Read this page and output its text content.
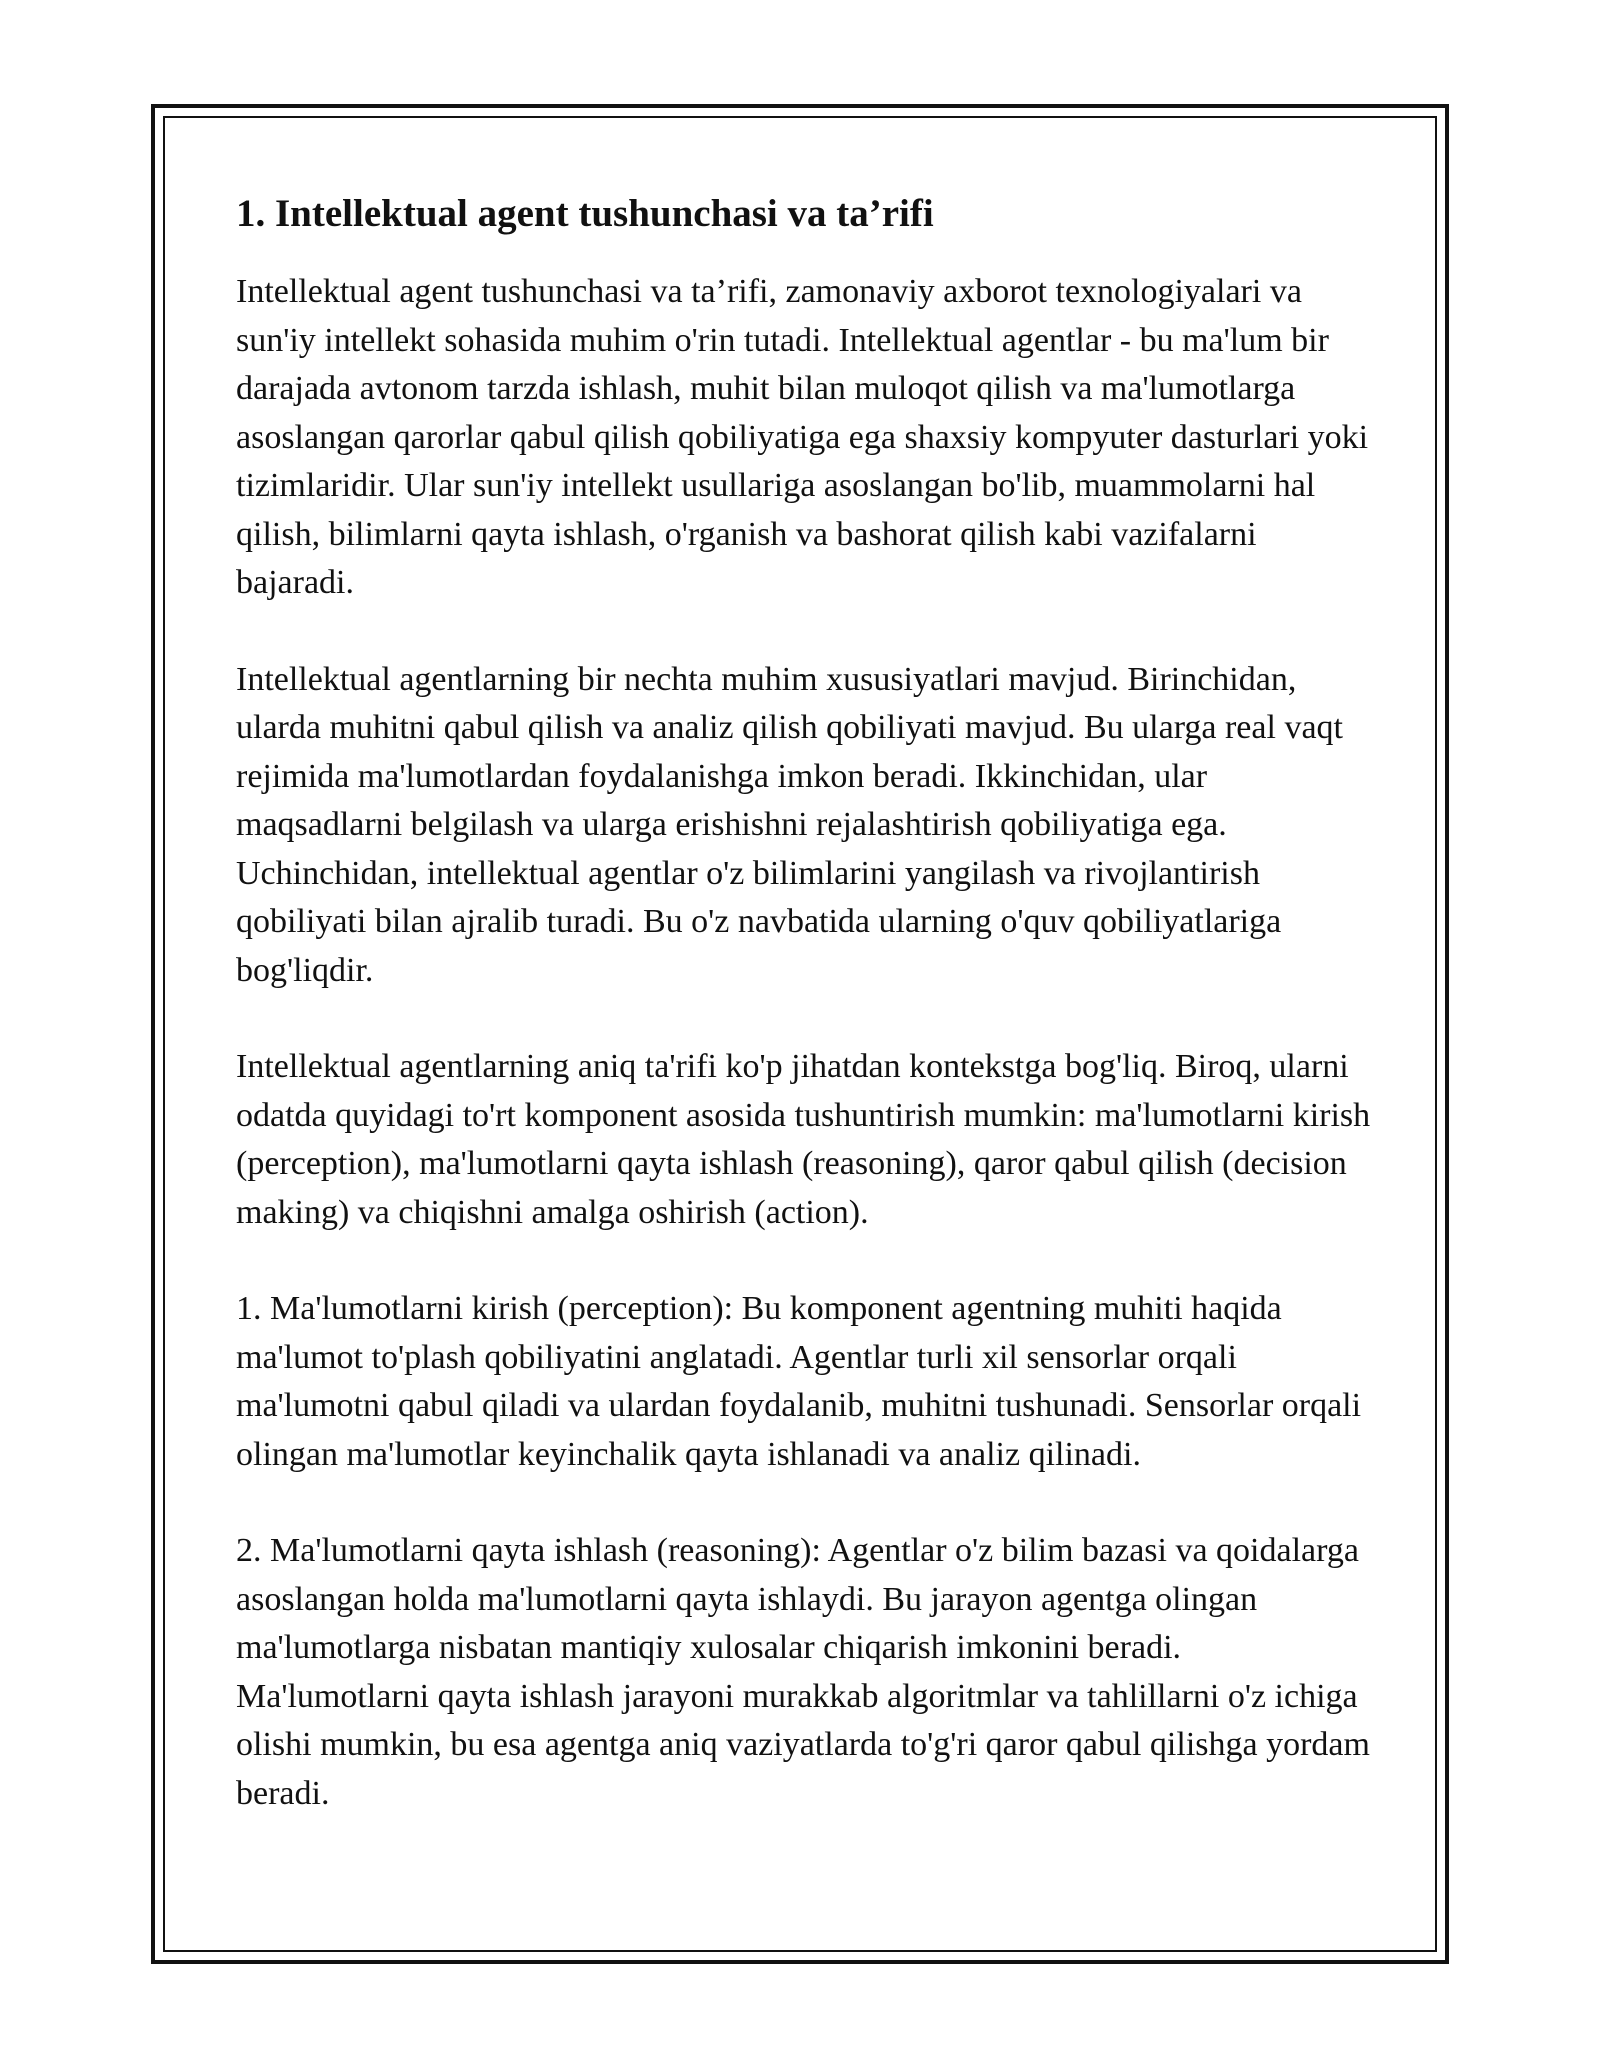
1. Intellektual agent tushunchasi va ta’rifi

Intellektual agent tushunchasi va ta’rifi, zamonaviy axborot texnologiyalari va sun'iy intellekt sohasida muhim o'rin tutadi. Intellektual agentlar - bu ma'lum bir darajada avtonom tarzda ishlash, muhit bilan muloqot qilish va ma'lumotlarga asoslangan qarorlar qabul qilish qobiliyatiga ega shaxsiy kompyuter dasturlari yoki tizimlaridir. Ular sun'iy intellekt usullariga asoslangan bo'lib, muammolarni hal qilish, bilimlarni qayta ishlash, o'rganish va bashorat qilish kabi vazifalarni bajaradi.

Intellektual agentlarning bir nechta muhim xususiyatlari mavjud. Birinchidan, ularda muhitni qabul qilish va analiz qilish qobiliyati mavjud. Bu ularga real vaqt rejimida ma'lumotlardan foydalanishga imkon beradi. Ikkinchidan, ular maqsadlarni belgilash va ularga erishishni rejalashtirish qobiliyatiga ega. Uchinchidan, intellektual agentlar o'z bilimlarini yangilash va rivojlantirish qobiliyati bilan ajralib turadi. Bu o'z navbatida ularning o'quv qobiliyatlariga bog'liqdir.

Intellektual agentlarning aniq ta'rifi ko'p jihatdan kontekstga bog'liq. Biroq, ularni odatda quyidagi to'rt komponent asosida tushuntirish mumkin: ma'lumotlarni kirish (perception), ma'lumotlarni qayta ishlash (reasoning), qaror qabul qilish (decision making) va chiqishni amalga oshirish (action).

1. Ma'lumotlarni kirish (perception): Bu komponent agentning muhiti haqida ma'lumot to'plash qobiliyatini anglatadi. Agentlar turli xil sensorlar orqali ma'lumotni qabul qiladi va ulardan foydalanib, muhitni tushunadi. Sensorlar orqali olingan ma'lumotlar keyinchalik qayta ishlanadi va analiz qilinadi.

2. Ma'lumotlarni qayta ishlash (reasoning): Agentlar o'z bilim bazasi va qoidalarga asoslangan holda ma'lumotlarni qayta ishlaydi. Bu jarayon agentga olingan ma'lumotlarga nisbatan mantiqiy xulosalar chiqarish imkonini beradi. Ma'lumotlarni qayta ishlash jarayoni murakkab algoritmlar va tahlillarni o'z ichiga olishi mumkin, bu esa agentga aniq vaziyatlarda to'g'ri qaror qabul qilishga yordam beradi.
